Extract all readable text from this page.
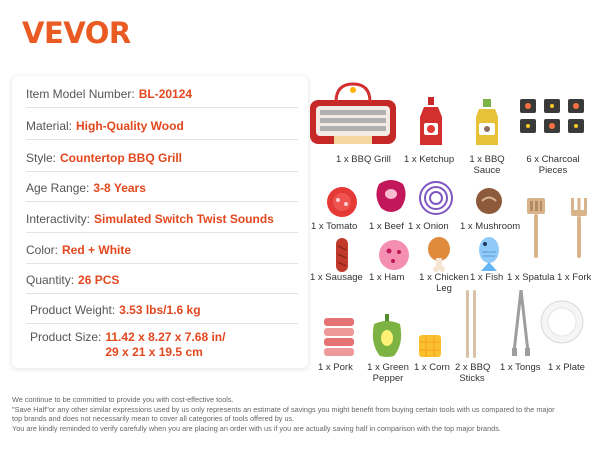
VEVOR
Item Model Number: BL-20124
Material: High-Quality Wood
Style: Countertop BBQ Grill
Age Range: 3-8 Years
Interactivity: Simulated Switch Twist Sounds
Color: Red + White
Quantity: 26 PCS
Product Weight: 3.53 lbs/1.6 kg
Product Size: 11.42 x 8.27 x 7.68 in/
29 x 21 x 19.5 cm
1 x BBQ Grill 1 x Ketchup	1 x BBQ
Sauce
6 x Charcoal
Pieces
1 x Tomato 1 x Beef 1 x Onion 1 x Mushroom
1 x Spatula 1 x Fork
1 x Sausage 1 x Ham 1 x Chicken
Leg
1 x Fish
1 x Pork 1 x Green
Pepper
1 x Corn 2 x BBQ
Sticks
1 x Tongs 1 x Plate
We continue to be committed to provide you with cost-effective tools.
"Save Half"or any other similar expressions used by us only represents an estimate of savings you might benefit from buying certain tools with us compared to the major
top brands and does not necessarily mean to cover all categories of tools offered by us.
You are kindly reminded to verify carefully when you are placing an order with us if you are actually saving half in comparison with the top major brands.
